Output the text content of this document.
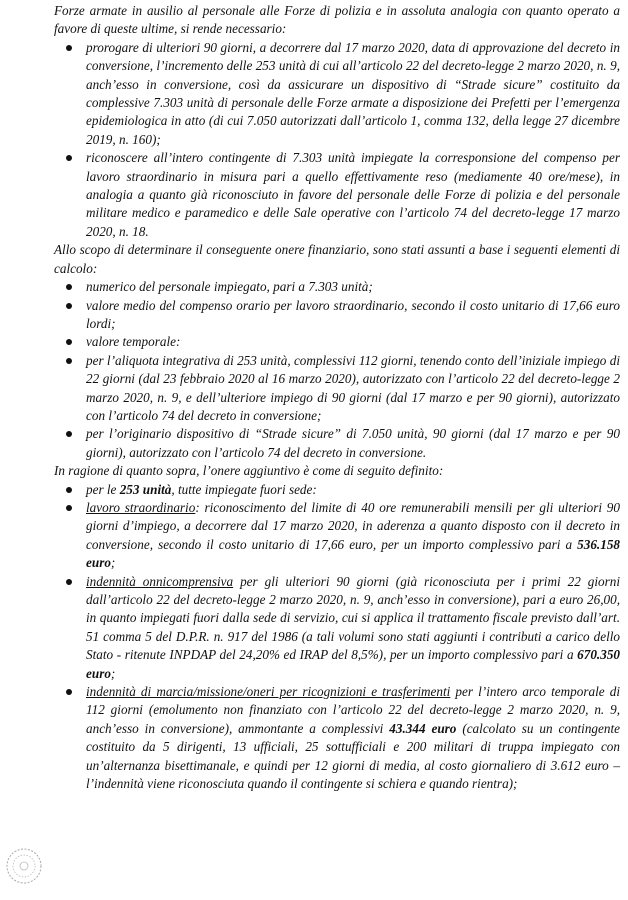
Forze armate in ausilio al personale alle Forze di polizia e in assoluta analogia con quanto operato a favore di queste ultime, si rende necessario:

prorogare di ulteriori 90 giorni, a decorrere dal 17 marzo 2020, data di approvazione del decreto in conversione, l’incremento delle 253 unità di cui all’articolo 22 del decreto-legge 2 marzo 2020, n. 9, anch’esso in conversione, così da assicurare un dispositivo di “Strade sicure” costituito da complessive 7.303 unità di personale delle Forze armate a disposizione dei Prefetti per l’emergenza epidemiologica in atto (di cui 7.050 autorizzati dall’articolo 1, comma 132, della legge 27 dicembre 2019, n. 160);
riconoscere all’intero contingente di 7.303 unità impiegate la corresponsione del compenso per lavoro straordinario in misura pari a quello effettivamente reso (mediamente 40 ore/mese), in analogia a quanto già riconosciuto in favore del personale delle Forze di polizia e del personale militare medico e paramedico e delle Sale operative con l’articolo 74 del decreto-legge 17 marzo 2020, n. 18.

Allo scopo di determinare il conseguente onere finanziario, sono stati assunti a base i seguenti elementi di calcolo:

numerico del personale impiegato, pari a 7.303 unità;
valore medio del compenso orario per lavoro straordinario, secondo il costo unitario di 17,66 euro lordi;
valore temporale:
per l’aliquota integrativa di 253 unità, complessivi 112 giorni, tenendo conto dell’iniziale impiego di 22 giorni (dal 23 febbraio 2020 al 16 marzo 2020), autorizzato con l’articolo 22 del decreto-legge 2 marzo 2020, n. 9, e dell’ulteriore impiego di 90 giorni (dal 17 marzo e per 90 giorni), autorizzato con l’articolo 74 del decreto in conversione;
per l’originario dispositivo di “Strade sicure” di 7.050 unità, 90 giorni (dal 17 marzo e per 90 giorni), autorizzato con l’articolo 74 del decreto in conversione.

In ragione di quanto sopra, l’onere aggiuntivo è come di seguito definito:

per le 253 unità, tutte impiegate fuori sede:
lavoro straordinario: riconoscimento del limite di 40 ore remunerabili mensili per gli ulteriori 90 giorni d’impiego, a decorrere dal 17 marzo 2020, in aderenza a quanto disposto con il decreto in conversione, secondo il costo unitario di 17,66 euro, per un importo complessivo pari a 536.158 euro;
indennità onnicomprensiva per gli ulteriori 90 giorni (già riconosciuta per i primi 22 giorni dall’articolo 22 del decreto-legge 2 marzo 2020, n. 9, anch’esso in conversione), pari a euro 26,00, in quanto impiegati fuori dalla sede di servizio, cui si applica il trattamento fiscale previsto dall’art. 51 comma 5 del D.P.R. n. 917 del 1986 (a tali volumi sono stati aggiunti i contributi a carico dello Stato - ritenute INPDAP del 24,20% ed IRAP del 8,5%), per un importo complessivo pari a 670.350 euro;
indennità di marcia/missione/oneri per ricognizioni e trasferimenti per l’intero arco temporale di 112 giorni (emolumento non finanziato con l’articolo 22 del decreto-legge 2 marzo 2020, n. 9, anch’esso in conversione), ammontante a complessivi 43.344 euro (calcolato su un contingente costituito da 5 dirigenti, 13 ufficiali, 25 sottufficiali e 200 militari di truppa impiegato con un’alternanza bisettimanale, e quindi per 12 giorni di media, al costo giornaliero di 3.612 euro – l’indennità viene riconosciuta quando il contingente si schiera e quando rientra);
